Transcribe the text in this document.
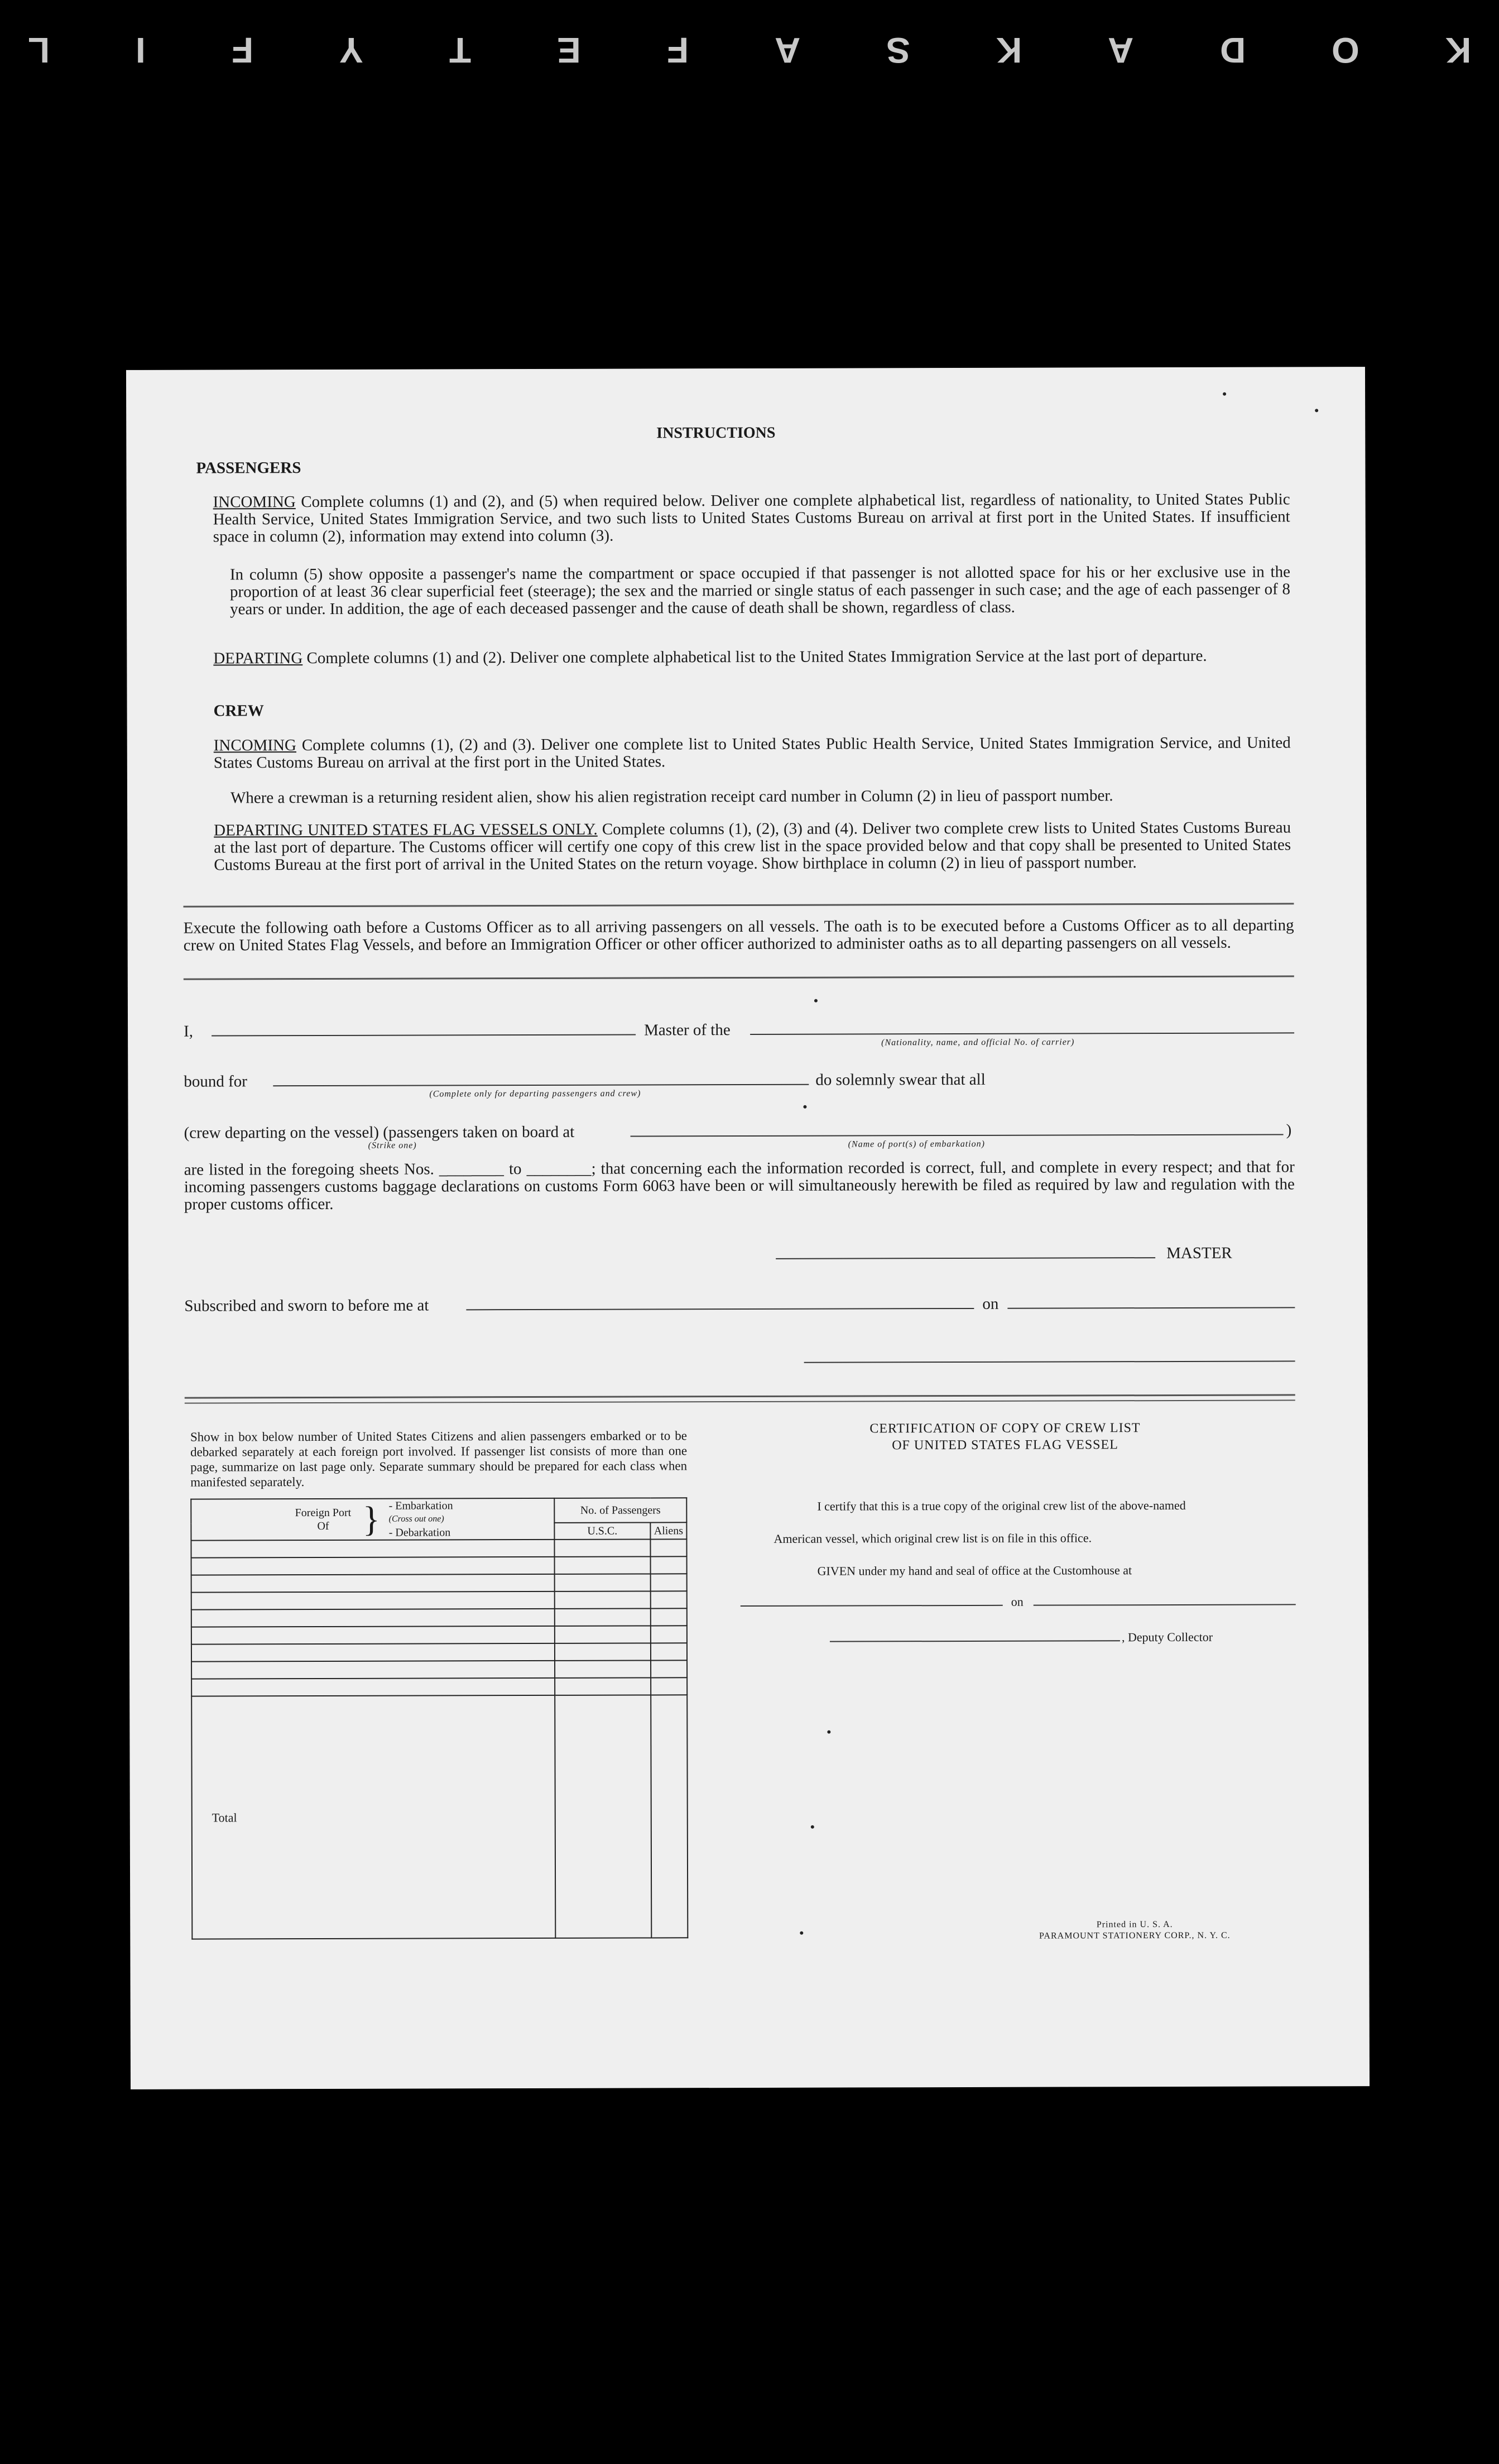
L I F Y T E F A S K A D O K
INSTRUCTIONS
PASSENGERS
INCOMING Complete columns (1) and (2), and (5) when required below. Deliver one complete alphabetical list, regardless of nationality, to United States Public Health Service, United States Immigration Service, and two such lists to United States Customs Bureau on arrival at first port in the United States. If insufficient space in column (2), information may extend into column (3).
In column (5) show opposite a passenger's name the compartment or space occupied if that passenger is not allotted space for his or her exclusive use in the proportion of at least 36 clear superficial feet (steerage); the sex and the married or single status of each passenger in such case; and the age of each passenger of 8 years or under. In addition, the age of each deceased passenger and the cause of death shall be shown, regardless of class.
DEPARTING Complete columns (1) and (2). Deliver one complete alphabetical list to the United States Immigration Service at the last port of departure.
CREW
INCOMING Complete columns (1), (2) and (3). Deliver one complete list to United States Public Health Service, United States Immigration Service, and United States Customs Bureau on arrival at the first port in the United States.
Where a crewman is a returning resident alien, show his alien registration receipt card number in Column (2) in lieu of passport number.
DEPARTING UNITED STATES FLAG VESSELS ONLY. Complete columns (1), (2), (3) and (4). Deliver two complete crew lists to United States Customs Bureau at the last port of departure. The Customs officer will certify one copy of this crew list in the space provided below and that copy shall be presented to United States Customs Bureau at the first port of arrival in the United States on the return voyage. Show birthplace in column (2) in lieu of passport number.
Execute the following oath before a Customs Officer as to all arriving passengers on all vessels. The oath is to be executed before a Customs Officer as to all departing crew on United States Flag Vessels, and before an Immigration Officer or other officer authorized to administer oaths as to all departing passengers on all vessels.
I,	Master of the
(Nationality, name, and official No. of carrier)
bound for
(Complete only for departing passengers and crew)
do solemnly swear that all
(crew departing on the vessel) (passengers taken on board at
(Strike one)
)
(Name of port(s) of embarkation)
are listed in the foregoing sheets Nos. ________ to ________; that concerning each the information recorded is correct, full, and complete in every respect; and that for incoming passengers customs baggage declarations on customs Form 6063 have been or will simultaneously herewith be filed as required by law and regulation with the proper customs officer.
MASTER
Subscribed and sworn to before me at	on
Show in box below number of United States Citizens and alien passengers embarked or to be debarked separately at each foreign port involved. If passenger list consists of more than one page, summarize on last page only. Separate summary should be prepared for each class when manifested separately.
Foreign Port Of } - Embarkation
(Cross out one)
- Debarkation	No. of Passengers	
	U.S.C.	Aliens

Total		
CERTIFICATION OF COPY OF CREW LIST
OF UNITED STATES FLAG VESSEL
I certify that this is a true copy of the original crew list of the above-named
American vessel, which original crew list is on file in this office.
GIVEN under my hand and seal of office at the Customhouse at
on
, Deputy Collector
Printed in U. S. A.
PARAMOUNT STATIONERY CORP., N. Y. C.
